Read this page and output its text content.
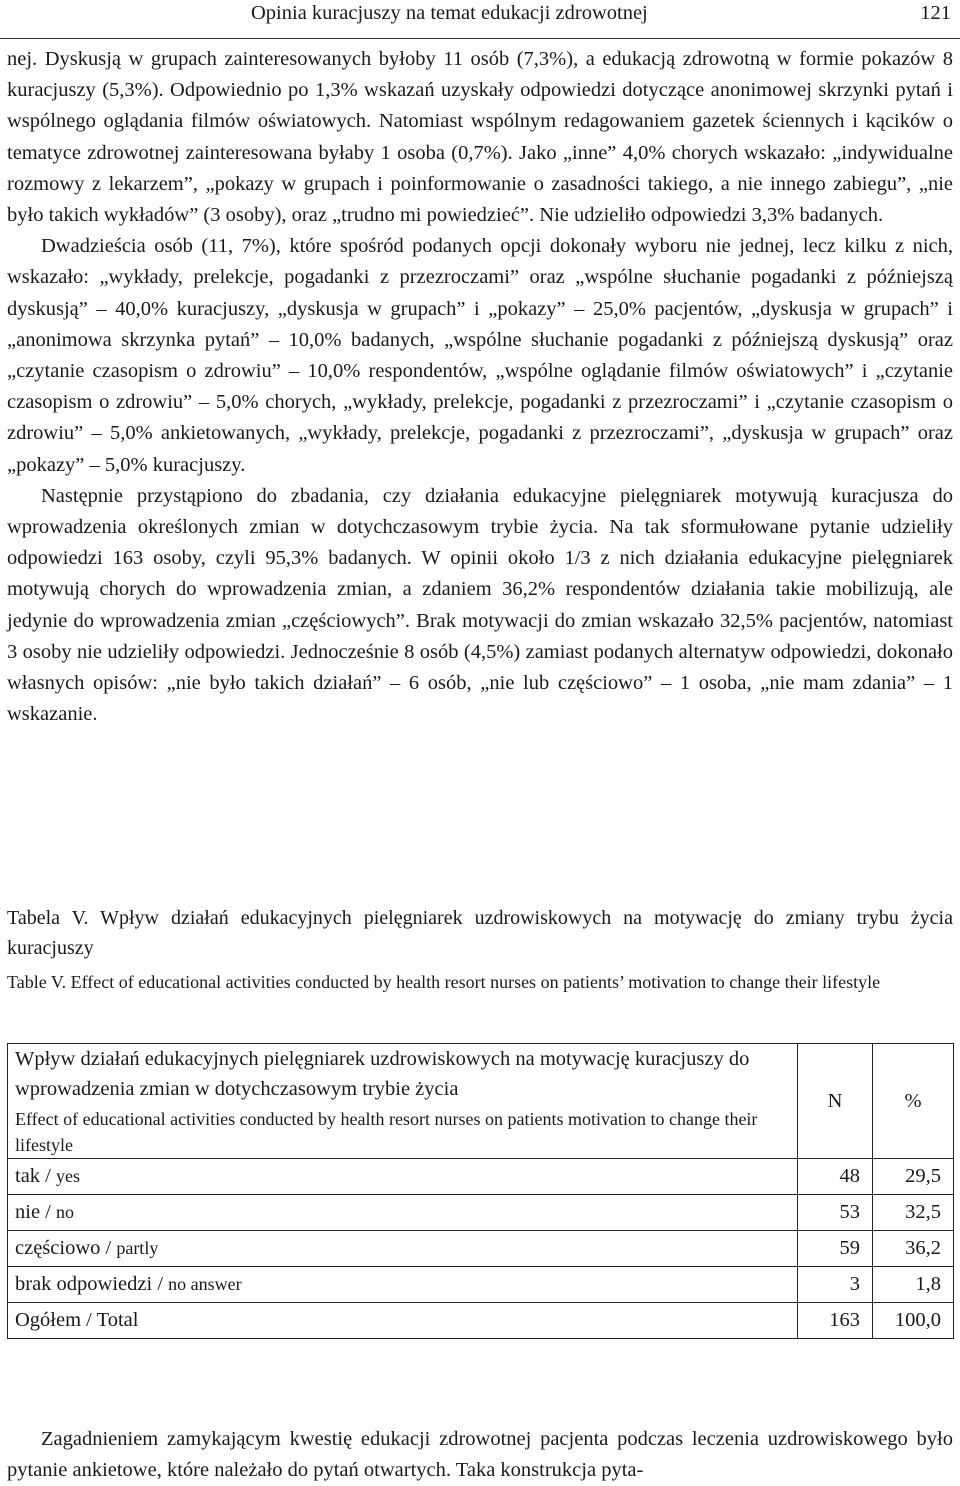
Opinia kuracjuszy na temat edukacji zdrowotnej	121

nej. Dyskusją w grupach zainteresowanych byłoby 11 osób (7,3%), a edukacją zdrowotną w formie pokazów 8 kuracjuszy (5,3%). Odpowiednio po 1,3% wskazań uzyskały odpowiedzi dotyczące anonimowej skrzynki pytań i wspólnego oglądania filmów oświatowych. Natomiast wspólnym redagowaniem gazetek ściennych i kącików o tematyce zdrowotnej zainteresowana byłaby 1 osoba (0,7%). Jako „inne” 4,0% chorych wskazało: „indywidualne rozmowy z lekarzem”, „pokazy w grupach i poinformowanie o zasadności takiego, a nie innego zabiegu”, „nie było takich wykładów” (3 osoby), oraz „trudno mi powiedzieć”. Nie udzieliło odpowiedzi 3,3% badanych.

Dwadzieścia osób (11, 7%), które spośród podanych opcji dokonały wyboru nie jednej, lecz kilku z nich, wskazało: „wykłady, prelekcje, pogadanki z przezroczami” oraz „wspólne słuchanie pogadanki z późniejszą dyskusją” – 40,0% kuracjuszy, „dyskusja w grupach” i „pokazy” – 25,0% pacjentów, „dyskusja w grupach” i „anonimowa skrzynka pytań” – 10,0% badanych, „wspólne słuchanie pogadanki z późniejszą dyskusją” oraz „czytanie czasopism o zdrowiu” – 10,0% respondentów, „wspólne oglądanie filmów oświatowych” i „czytanie czasopism o zdrowiu” – 5,0% chorych, „wykłady, prelekcje, pogadanki z przezroczami” i „czytanie czasopism o zdrowiu” – 5,0% ankietowanych, „wykłady, prelekcje, pogadanki z przezroczami”, „dyskusja w grupach” oraz „pokazy” – 5,0% kuracjuszy.

Następnie przystąpiono do zbadania, czy działania edukacyjne pielęgniarek motywują kuracjusza do wprowadzenia określonych zmian w dotychczasowym trybie życia. Na tak sformułowane pytanie udzieliły odpowiedzi 163 osoby, czyli 95,3% badanych. W opinii około 1/3 z nich działania edukacyjne pielęgniarek motywują chorych do wprowadzenia zmian, a zdaniem 36,2% respondentów działania takie mobilizują, ale jedynie do wprowadzenia zmian „częściowych”. Brak motywacji do zmian wskazało 32,5% pacjentów, natomiast 3 osoby nie udzieliły odpowiedzi. Jednocześnie 8 osób (4,5%) zamiast podanych alternatyw odpowiedzi, dokonało własnych opisów: „nie było takich działań” – 6 osób, „nie lub częściowo” – 1 osoba, „nie mam zdania” – 1 wskazanie.

Tabela V. Wpływ działań edukacyjnych pielęgniarek uzdrowiskowych na motywację do zmiany trybu życia kuracjuszy
Table V. Effect of educational activities conducted by health resort nurses on patients’ motivation to change their lifestyle
Wpływ działań edukacyjnych pielęgniarek uzdrowiskowych na motywację kuracjuszy do wprowadzenia zmian w dotychczasowym trybie życia
Effect of educational activities conducted by health resort nurses on patients motivation to change their lifestyle	N	%
tak / yes	48	29,5
nie / no	53	32,5
częściowo / partly	59	36,2
brak odpowiedzi / no answer	3	1,8
Ogółem / Total	163	100,0

Zagadnieniem zamykającym kwestię edukacji zdrowotnej pacjenta podczas leczenia uzdrowiskowego było pytanie ankietowe, które należało do pytań otwartych. Taka konstrukcja pyta-
